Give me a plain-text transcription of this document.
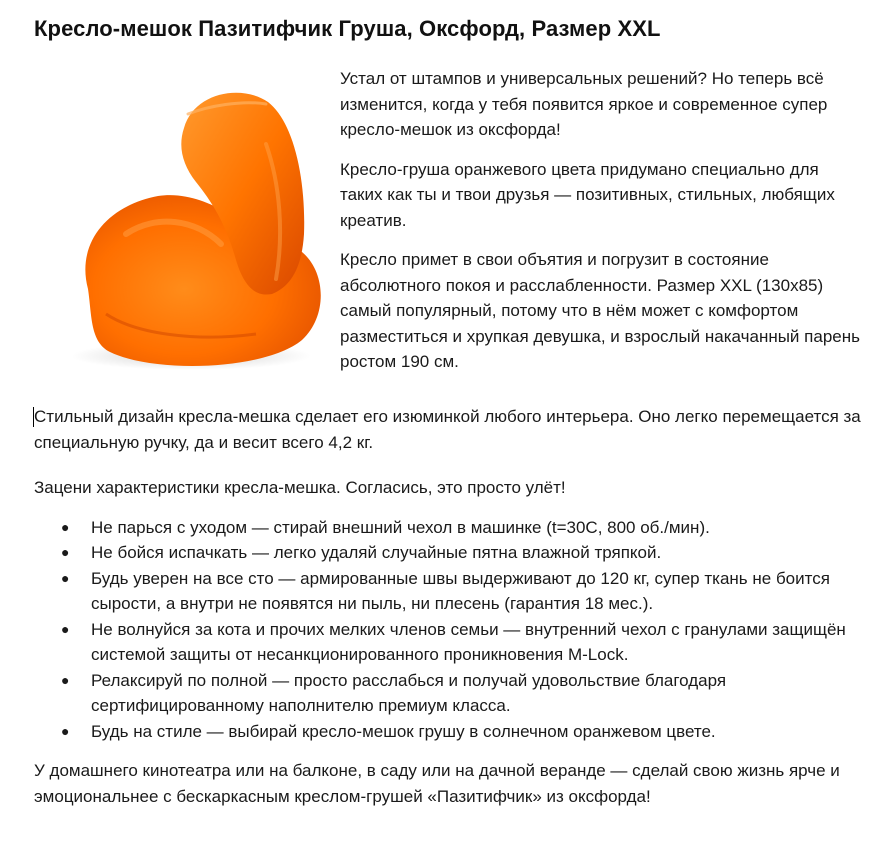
Кресло-мешок Пазитифчик Груша, Оксфорд, Размер XXL

Устал от штампов и универсальных решений? Но теперь всё изменится, когда у тебя появится яркое и современное супер кресло-мешок из оксфорда!

Кресло-груша оранжевого цвета придумано специально для таких как ты и твои друзья — позитивных, стильных, любящих креатив.

Кресло примет в свои объятия и погрузит в состояние абсолютного покоя и расслабленности. Размер XXL (130х85) самый популярный, потому что в нём может с комфортом разместиться и хрупкая девушка, и взрослый накачанный парень ростом 190 см.

Стильный дизайн кресла-мешка сделает его изюминкой любого интерьера. Оно легко перемещается за специальную ручку, да и весит всего 4,2 кг.

Зацени характеристики кресла-мешка. Согласись, это просто улёт!

● Не парься с уходом — стирай внешний чехол в машинке (t=30С, 800 об./мин).
● Не бойся испачкать — легко удаляй случайные пятна влажной тряпкой.
● Будь уверен на все сто — армированные швы выдерживают до 120 кг, супер ткань не боится сырости, а внутри не появятся ни пыль, ни плесень (гарантия 18 мес.).
● Не волнуйся за кота и прочих мелких членов семьи — внутренний чехол с гранулами защищён системой защиты от несанкционированного проникновения M-Lock.
● Релаксируй по полной — просто расслабься и получай удовольствие благодаря сертифицированному наполнителю премиум класса.
● Будь на стиле — выбирай кресло-мешок грушу в солнечном оранжевом цвете.

У домашнего кинотеатра или на балконе, в саду или на дачной веранде — сделай свою жизнь ярче и эмоциональнее с бескаркасным креслом-грушей «Пазитифчик» из оксфорда!
